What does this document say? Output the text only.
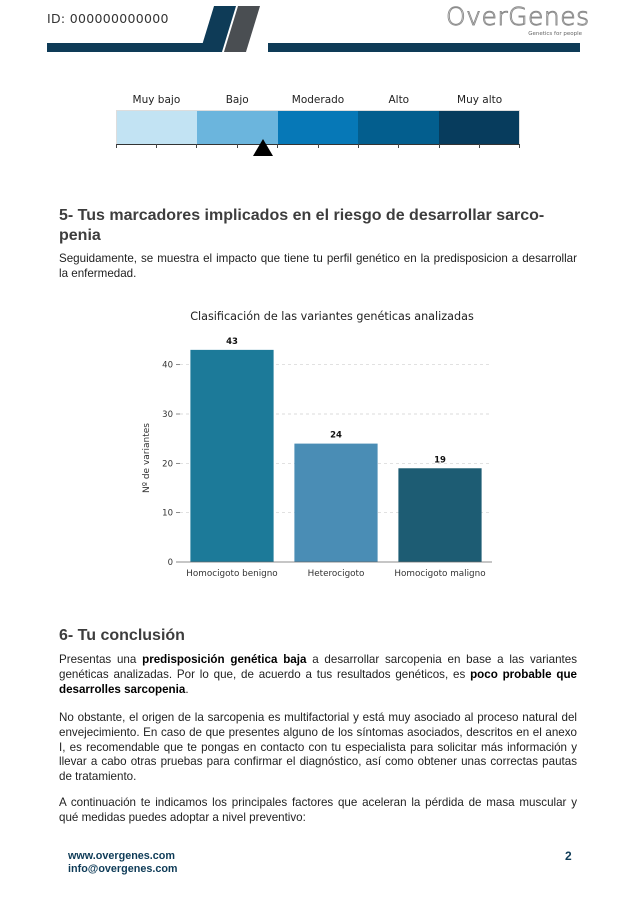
ID: 000000000000	OverGenes
Genetics for people
Muy bajo	Bajo	Moderado	Alto	Muy alto
5- Tus marcadores implicados en el riesgo de desarrollar sarco-
penia
Seguidamente, se muestra el impacto que tiene tu perfil genético en la predisposicion a desarrollar la enfermedad.
Clasificación de las variantes genéticas analizadas
Nº de variantes
0
10
20
30
40
43
24
19
Homocigoto benigno	Heterocigoto	Homocigoto maligno
6- Tu conclusión
Presentas una predisposición genética baja a desarrollar sarcopenia en base a las variantes genéticas analizadas. Por lo que, de acuerdo a tus resultados genéticos, es poco probable que desarrolles sarcopenia.
No obstante, el origen de la sarcopenia es multifactorial y está muy asociado al proceso natural del envejecimiento. En caso de que presentes alguno de los síntomas asociados, descritos en el anexo I, es recomendable que te pongas en contacto con tu especialista para solicitar más información y llevar a cabo otras pruebas para confirmar el diagnóstico, así como obtener unas correctas pautas de tratamiento.
A continuación te indicamos los principales factores que aceleran la pérdida de masa muscular y qué medidas puedes adoptar a nivel preventivo:
www.overgenes.com
info@overgenes.com
2
